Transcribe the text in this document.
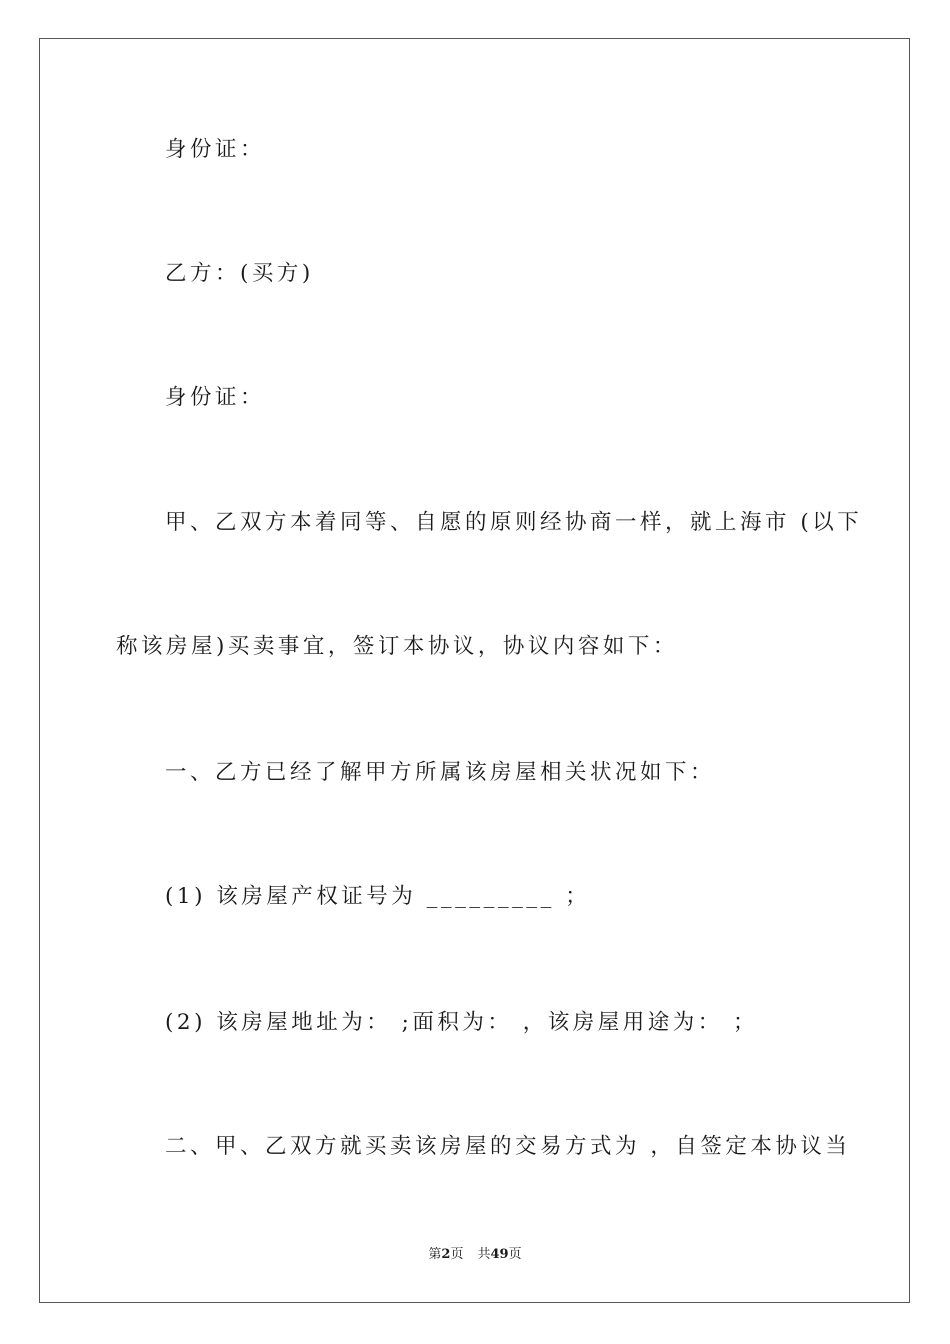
身份证：
乙方：(买方)
身份证：
甲、乙双方本着同等、自愿的原则经协商一样，就上海市 (以下
称该房屋)买卖事宜，签订本协议，协议内容如下：
一、乙方已经了解甲方所属该房屋相关状况如下：
(1) 该房屋产权证号为 _________ ；
(2) 该房屋地址为： ;面积为： ，该房屋用途为： ；
二、甲、乙双方就买卖该房屋的交易方式为 ，自签定本协议当
第2页 共49页
